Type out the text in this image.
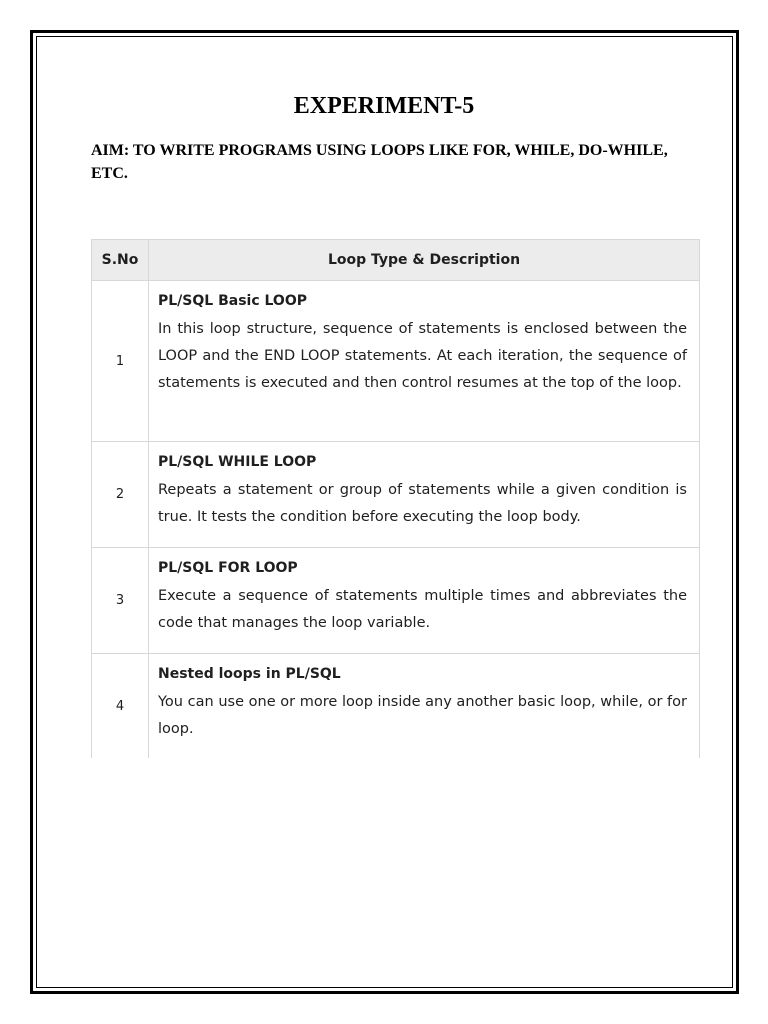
EXPERIMENT-5
AIM: TO WRITE PROGRAMS USING LOOPS LIKE FOR, WHILE, DO-WHILE, ETC.
S.No	Loop Type & Description
1
PL/SQL Basic LOOP
In this loop structure, sequence of statements is enclosed between the LOOP and the END LOOP statements. At each iteration, the sequence of statements is executed and then control resumes at the top of the loop.
2
PL/SQL WHILE LOOP
Repeats a statement or group of statements while a given condition is true. It tests the condition before executing the loop body.
3
PL/SQL FOR LOOP
Execute a sequence of statements multiple times and abbreviates the code that manages the loop variable.
4
Nested loops in PL/SQL
You can use one or more loop inside any another basic loop, while, or for loop.
